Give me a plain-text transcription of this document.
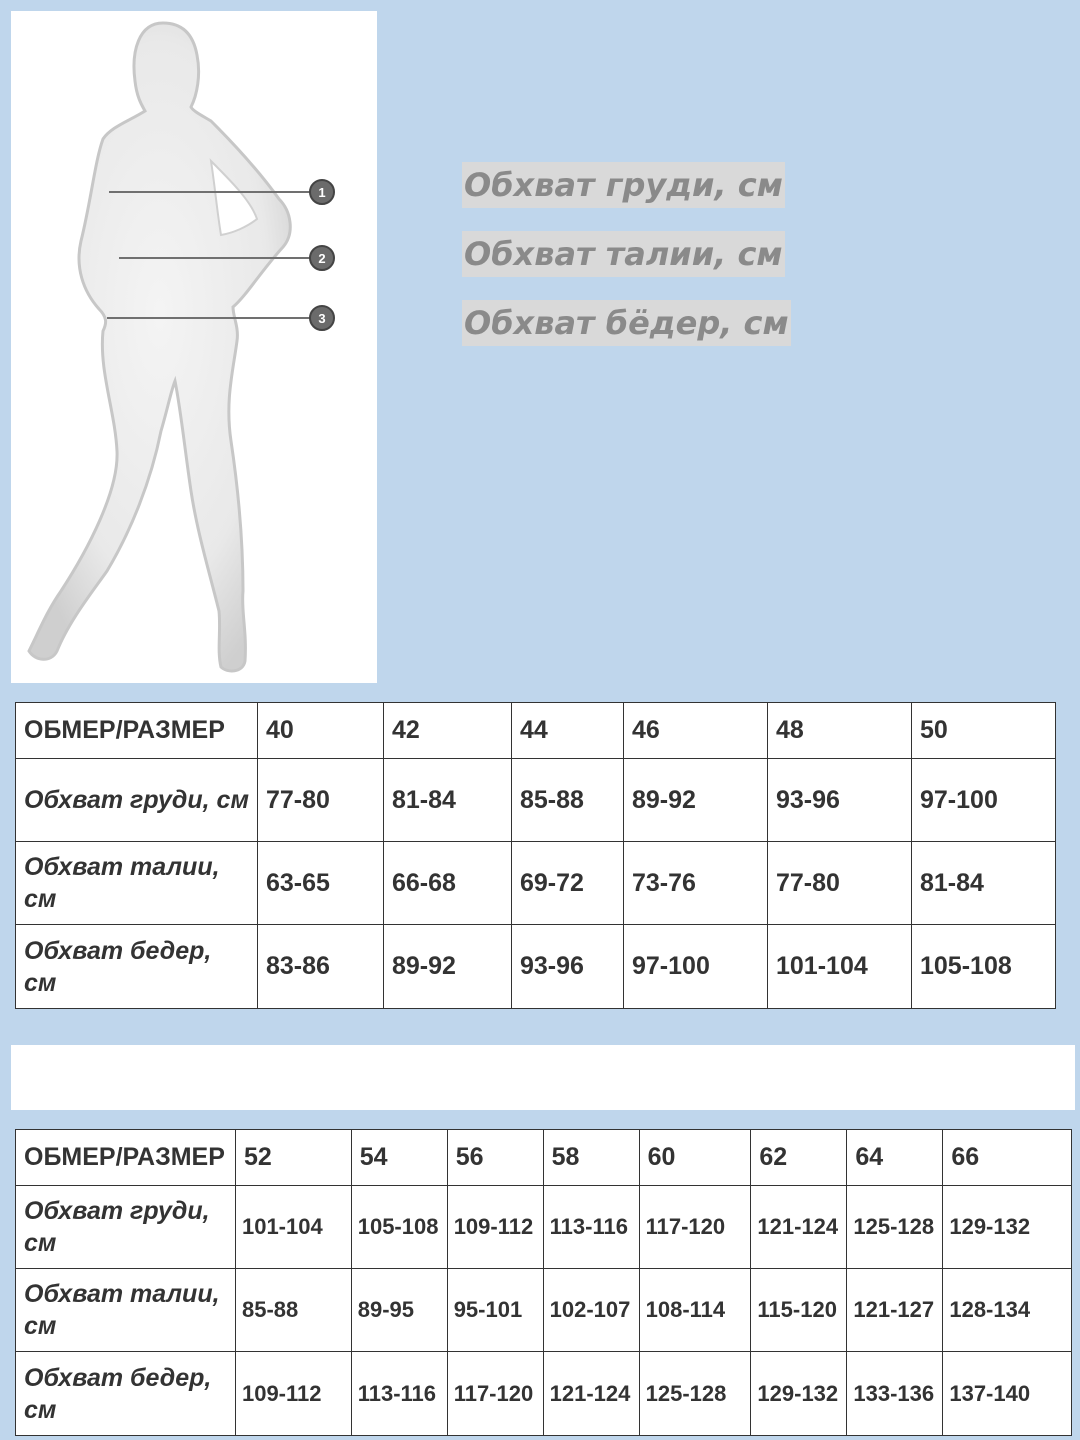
1
2
3
Обхват груди, см
Обхват талии, см
Обхват бёдер, см
ОБМЕР/РАЗМЕР	40	42	44	46	48	50
Обхват груди, см	77-80	81-84	85-88	89-92	93-96	97-100
Обхват талии, см	63-65	66-68	69-72	73-76	77-80	81-84
Обхват бедер, см	83-86	89-92	93-96	97-100	101-104	105-108
ОБМЕР/РАЗМЕР	52	54	56	58	60	62	64	66
Обхват груди, см	101-104	105-108	109-112	113-116	117-120	121-124	125-128	129-132
Обхват талии, см	85-88	89-95	95-101	102-107	108-114	115-120	121-127	128-134
Обхват бедер, см	109-112	113-116	117-120	121-124	125-128	129-132	133-136	137-140
